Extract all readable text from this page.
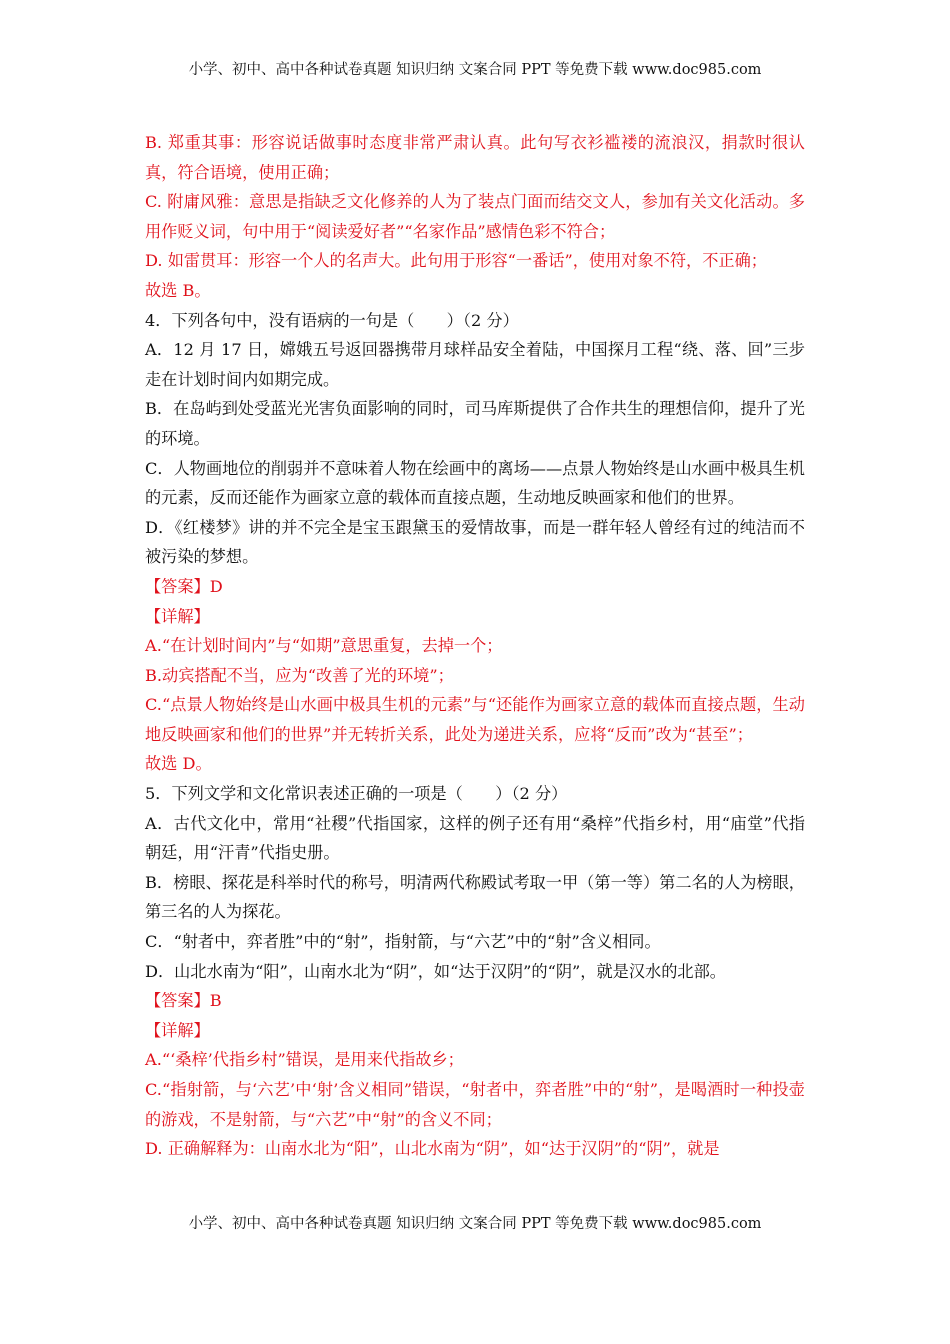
小学、初中、高中各种试卷真题 知识归纳 文案合同 PPT 等免费下载 www.doc985.com

B. 郑重其事：形容说话做事时态度非常严肃认真。此句写衣衫褴褛的流浪汉，捐款时很认真，符合语境，使用正确；

C. 附庸风雅：意思是指缺乏文化修养的人为了装点门面而结交文人，参加有关文化活动。多用作贬义词，句中用于“阅读爱好者”“名家作品”感情色彩不符合；

D. 如雷贯耳：形容一个人的名声大。此句用于形容“一番话”，使用对象不符，不正确；

故选 B。

4．下列各句中，没有语病的一句是（　　）（2 分）

A．12 月 17 日，嫦娥五号返回器携带月球样品安全着陆，中国探月工程“绕、落、回”三步走在计划时间内如期完成。

B．在岛屿到处受蓝光光害负面影响的同时，司马库斯提供了合作共生的理想信仰，提升了光的环境。

C．人物画地位的削弱并不意味着人物在绘画中的离场——点景人物始终是山水画中极具生机的元素，反而还能作为画家立意的载体而直接点题，生动地反映画家和他们的世界。

D．《红楼梦》讲的并不完全是宝玉跟黛玉的爱情故事，而是一群年轻人曾经有过的纯洁而不被污染的梦想。

【答案】D

【详解】

A.“在计划时间内”与“如期”意思重复，去掉一个；

B.动宾搭配不当，应为“改善了光的环境”；

C.“点景人物始终是山水画中极具生机的元素”与“还能作为画家立意的载体而直接点题，生动地反映画家和他们的世界”并无转折关系，此处为递进关系，应将“反而”改为“甚至”；

故选 D。

5．下列文学和文化常识表述正确的一项是（　　）（2 分）

A．古代文化中，常用“社稷”代指国家，这样的例子还有用“桑梓”代指乡村，用“庙堂”代指朝廷，用“汗青”代指史册。

B．榜眼、探花是科举时代的称号，明清两代称殿试考取一甲（第一等）第二名的人为榜眼，第三名的人为探花。

C．“射者中，弈者胜”中的“射”，指射箭，与“六艺”中的“射”含义相同。

D．山北水南为“阳”，山南水北为“阴”，如“达于汉阴”的“阴”，就是汉水的北部。

【答案】B

【详解】

A.“‘桑梓’代指乡村”错误，是用来代指故乡；

C.“指射箭，与‘六艺’中‘射’含义相同”错误，“射者中，弈者胜”中的“射”，是喝酒时一种投壶的游戏，不是射箭，与“六艺”中“射”的含义不同；

D. 正确解释为：山南水北为“阳”，山北水南为“阴”，如“达于汉阴”的“阴”，就是

小学、初中、高中各种试卷真题 知识归纳 文案合同 PPT 等免费下载 www.doc985.com
